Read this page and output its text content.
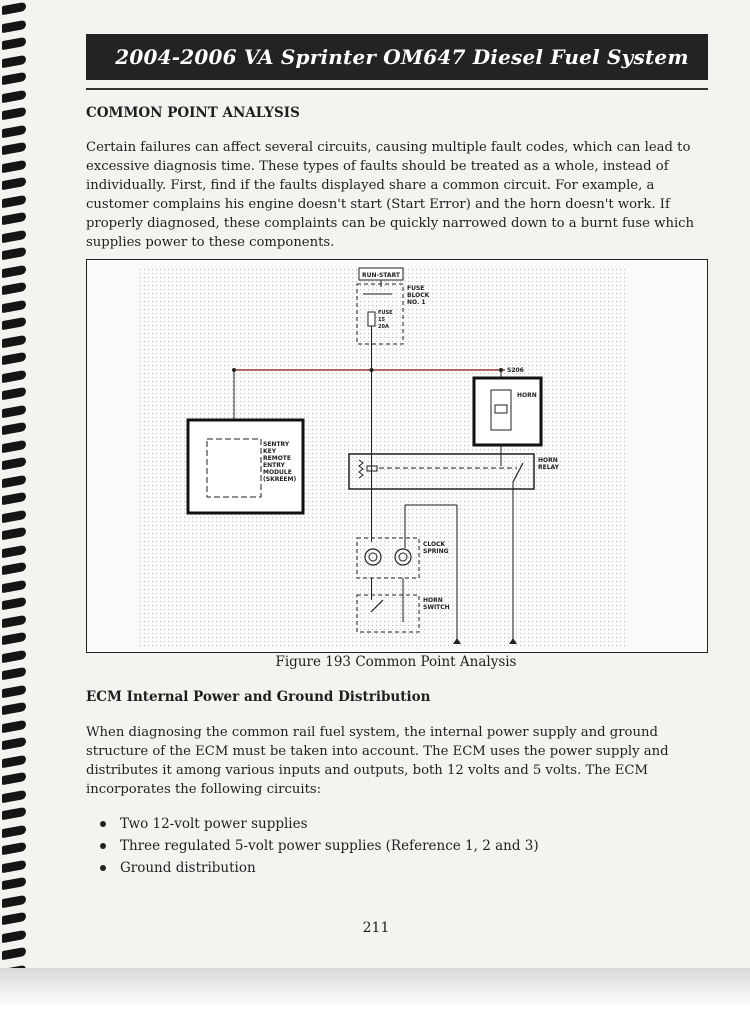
2004-2006 VA Sprinter OM647 Diesel Fuel System
COMMON POINT ANALYSIS

Certain failures can affect several circuits, causing multiple fault codes, which can lead to excessive diagnosis time. These types of faults should be treated as a whole, instead of individually. First, find if the faults displayed share a common circuit. For example, a customer complains his engine doesn't start (Start Error) and the horn doesn't work. If properly diagnosed, these complaints can be quickly narrowed down to a burnt fuse which supplies power to these components.

RUN-START
FUSE
BLOCK
NO. 1
FUSE
15
20A
S206
SENTRY
KEY
REMOTE
ENTRY
MODULE
(SKREEM)
HORN
HORN
RELAY
CLOCK
SPRING
HORN
SWITCH
Figure 193 Common Point Analysis
ECM Internal Power and Ground Distribution

When diagnosing the common rail fuel system, the internal power supply and ground structure of the ECM must be taken into account. The ECM uses the power supply and distributes it among various inputs and outputs, both 12 volts and 5 volts. The ECM incorporates the following circuits:

Two 12-volt power supplies
Three regulated 5-volt power supplies (Reference 1, 2 and 3)
Ground distribution
211
